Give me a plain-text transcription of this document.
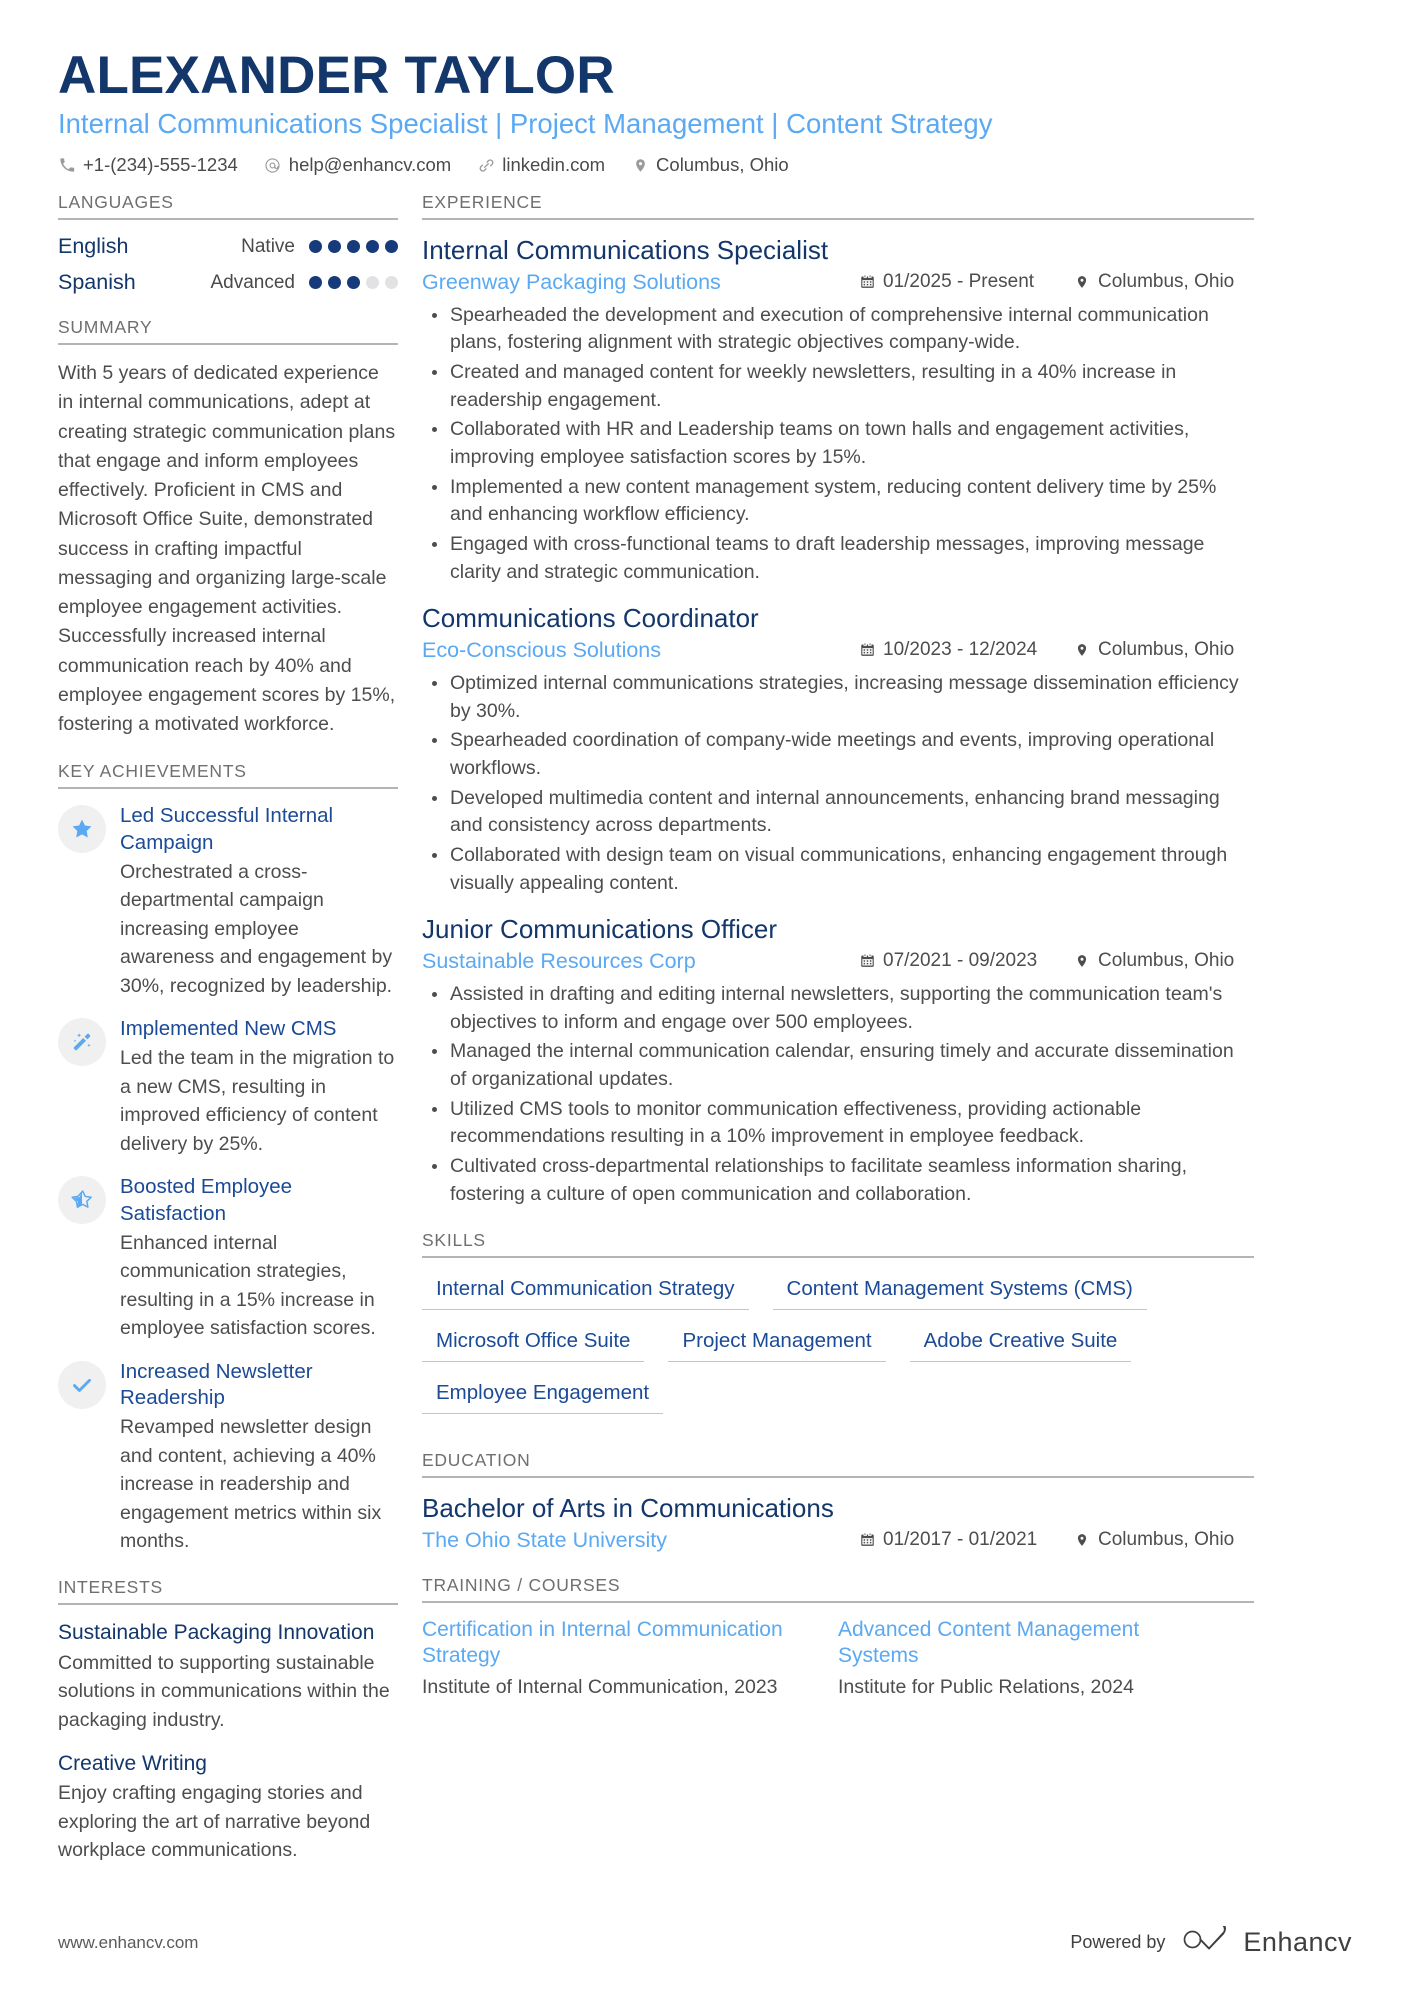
ALEXANDER TAYLOR
Internal Communications Specialist | Project Management | Content Strategy
+1-(234)-555-1234	help@enhancv.com	linkedin.com	Columbus, Ohio
LANGUAGES
English	Native
Spanish	Advanced
SUMMARY
With 5 years of dedicated experience in internal communications, adept at creating strategic communication plans that engage and inform employees effectively. Proficient in CMS and Microsoft Office Suite, demonstrated success in crafting impactful messaging and organizing large-scale employee engagement activities. Successfully increased internal communication reach by 40% and employee engagement scores by 15%, fostering a motivated workforce.
KEY ACHIEVEMENTS
Led Successful Internal Campaign
Orchestrated a cross-departmental campaign increasing employee awareness and engagement by 30%, recognized by leadership.
Implemented New CMS
Led the team in the migration to a new CMS, resulting in improved efficiency of content delivery by 25%.
Boosted Employee Satisfaction
Enhanced internal communication strategies, resulting in a 15% increase in employee satisfaction scores.
Increased Newsletter Readership
Revamped newsletter design and content, achieving a 40% increase in readership and engagement metrics within six months.
INTERESTS
Sustainable Packaging Innovation
Committed to supporting sustainable solutions in communications within the packaging industry.
Creative Writing
Enjoy crafting engaging stories and exploring the art of narrative beyond workplace communications.
EXPERIENCE
Internal Communications Specialist
Greenway Packaging Solutions	01/2025 - Present	Columbus, Ohio
Spearheaded the development and execution of comprehensive internal communication plans, fostering alignment with strategic objectives company-wide.
Created and managed content for weekly newsletters, resulting in a 40% increase in readership engagement.
Collaborated with HR and Leadership teams on town halls and engagement activities, improving employee satisfaction scores by 15%.
Implemented a new content management system, reducing content delivery time by 25% and enhancing workflow efficiency.
Engaged with cross-functional teams to draft leadership messages, improving message clarity and strategic communication.
Communications Coordinator
Eco-Conscious Solutions	10/2023 - 12/2024	Columbus, Ohio
Optimized internal communications strategies, increasing message dissemination efficiency by 30%.
Spearheaded coordination of company-wide meetings and events, improving operational workflows.
Developed multimedia content and internal announcements, enhancing brand messaging and consistency across departments.
Collaborated with design team on visual communications, enhancing engagement through visually appealing content.
Junior Communications Officer
Sustainable Resources Corp	07/2021 - 09/2023	Columbus, Ohio
Assisted in drafting and editing internal newsletters, supporting the communication team's objectives to inform and engage over 500 employees.
Managed the internal communication calendar, ensuring timely and accurate dissemination of organizational updates.
Utilized CMS tools to monitor communication effectiveness, providing actionable recommendations resulting in a 10% improvement in employee feedback.
Cultivated cross-departmental relationships to facilitate seamless information sharing, fostering a culture of open communication and collaboration.
SKILLS
Internal Communication Strategy	Content Management Systems (CMS)
Microsoft Office Suite	Project Management	Adobe Creative Suite
Employee Engagement
EDUCATION
Bachelor of Arts in Communications
The Ohio State University	01/2017 - 01/2021	Columbus, Ohio
TRAINING / COURSES
Certification in Internal Communication Strategy
Institute of Internal Communication, 2023
Advanced Content Management Systems
Institute for Public Relations, 2024
www.enhancv.com	Powered by	Enhancv
